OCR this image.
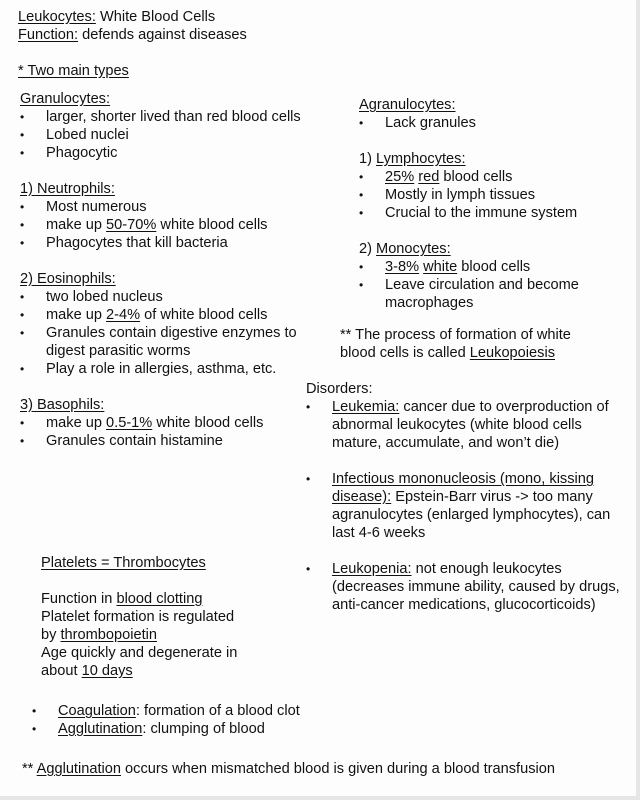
Leukocytes: White Blood Cells

Function: defends against diseases

* Two main types

Granulocytes:

• larger, shorter lived than red blood cells
• Lobed nuclei
• Phagocytic

1) Neutrophils:

• Most numerous
• make up 50-70% white blood cells
• Phagocytes that kill bacteria

2) Eosinophils:

• two lobed nucleus
• make up 2-4% of white blood cells
• Granules contain digestive enzymes to digest parasitic worms
• Play a role in allergies, asthma, etc.

3) Basophils:

• make up 0.5-1% white blood cells
• Granules contain histamine

Agranulocytes:

• Lack granules

1) Lymphocytes:

• 25% red blood cells
• Mostly in lymph tissues
• Crucial to the immune system

2) Monocytes:

• 3-8% white blood cells
• Leave circulation and become macrophages

** The process of formation of white blood cells is called Leukopoiesis

Disorders:

• Leukemia: cancer due to overproduction of abnormal leukocytes (white blood cells mature, accumulate, and won’t die)
• Infectious mononucleosis (mono, kissing disease): Epstein-Barr virus -> too many agranulocytes (enlarged lymphocytes), can last 4-6 weeks
• Leukopenia: not enough leukocytes (decreases immune ability, caused by drugs, anti-cancer medications, glucocorticoids)

Platelets = Thrombocytes

Function in blood clotting

Platelet formation is regulated

by thrombopoietin

Age quickly and degenerate in

about 10 days

• Coagulation: formation of a blood clot
• Agglutination: clumping of blood

** Agglutination occurs when mismatched blood is given during a blood transfusion
